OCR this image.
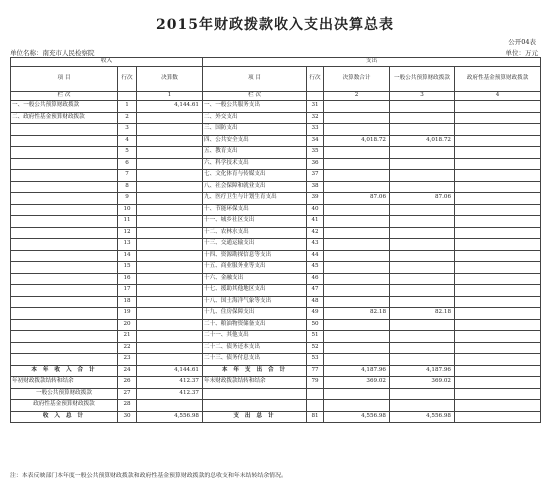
2015年财政拨款收入支出决算总表
公开04表
单位名称：南充市人民检察院	单位：万元
收入			支出				
项 目	行次	决算数	项 目	行次	决算数合计	一般公共预算财政拨款	政府性基金预算财政拨款
栏 次		1	栏 次		2	3	4
一、一般公共预算财政拨款	1	4,144.61	一、一般公共服务支出	31			
二、政府性基金预算财政拨款	2		二、外交支出	32			
	3		三、国防支出	33			
	4		四、公共安全支出	34	4,018.72	4,018.72	
	5		五、教育支出	35			
	6		六、科学技术支出	36			
	7		七、文化体育与传媒支出	37			
	8		八、社会保障和就业支出	38			
	9		九、医疗卫生与计划生育支出	39	87.06	87.06	
	10		十、节能环保支出	40			
	11		十一、城乡社区支出	41			
	12		十二、农林水支出	42			
	13		十三、交通运输支出	43			
	14		十四、资源勘探信息等支出	44			
	15		十五、商业服务业等支出	45			
	16		十六、金融支出	46			
	17		十七、援助其他地区支出	47			
	18		十八、国土海洋气象等支出	48			
	19		十九、住房保障支出	49	82.18	82.18	
	20		二十、粮油物资储备支出	50			
	21		二十一、其他支出	51			
	22		二十二、债务还本支出	52			
	23		二十三、债务付息支出	53			
本 年 收 入 合 计	24	4,144.61	本 年 支 出 合 计	77	4,187.96	4,187.96	
年初财政拨款结转和结余	26	412.37	年末财政拨款结转和结余	79	369.02	369.02	
一般公共预算财政拨款	27	412.37					
政府性基金预算财政拨款	28						
收 入 总 计	30	4,556.98	支 出 总 计	81	4,556.98	4,556.98	
注：本表反映部门本年度一般公共预算财政拨款和政府性基金预算财政拨款的总收支和年末结转结余情况。
